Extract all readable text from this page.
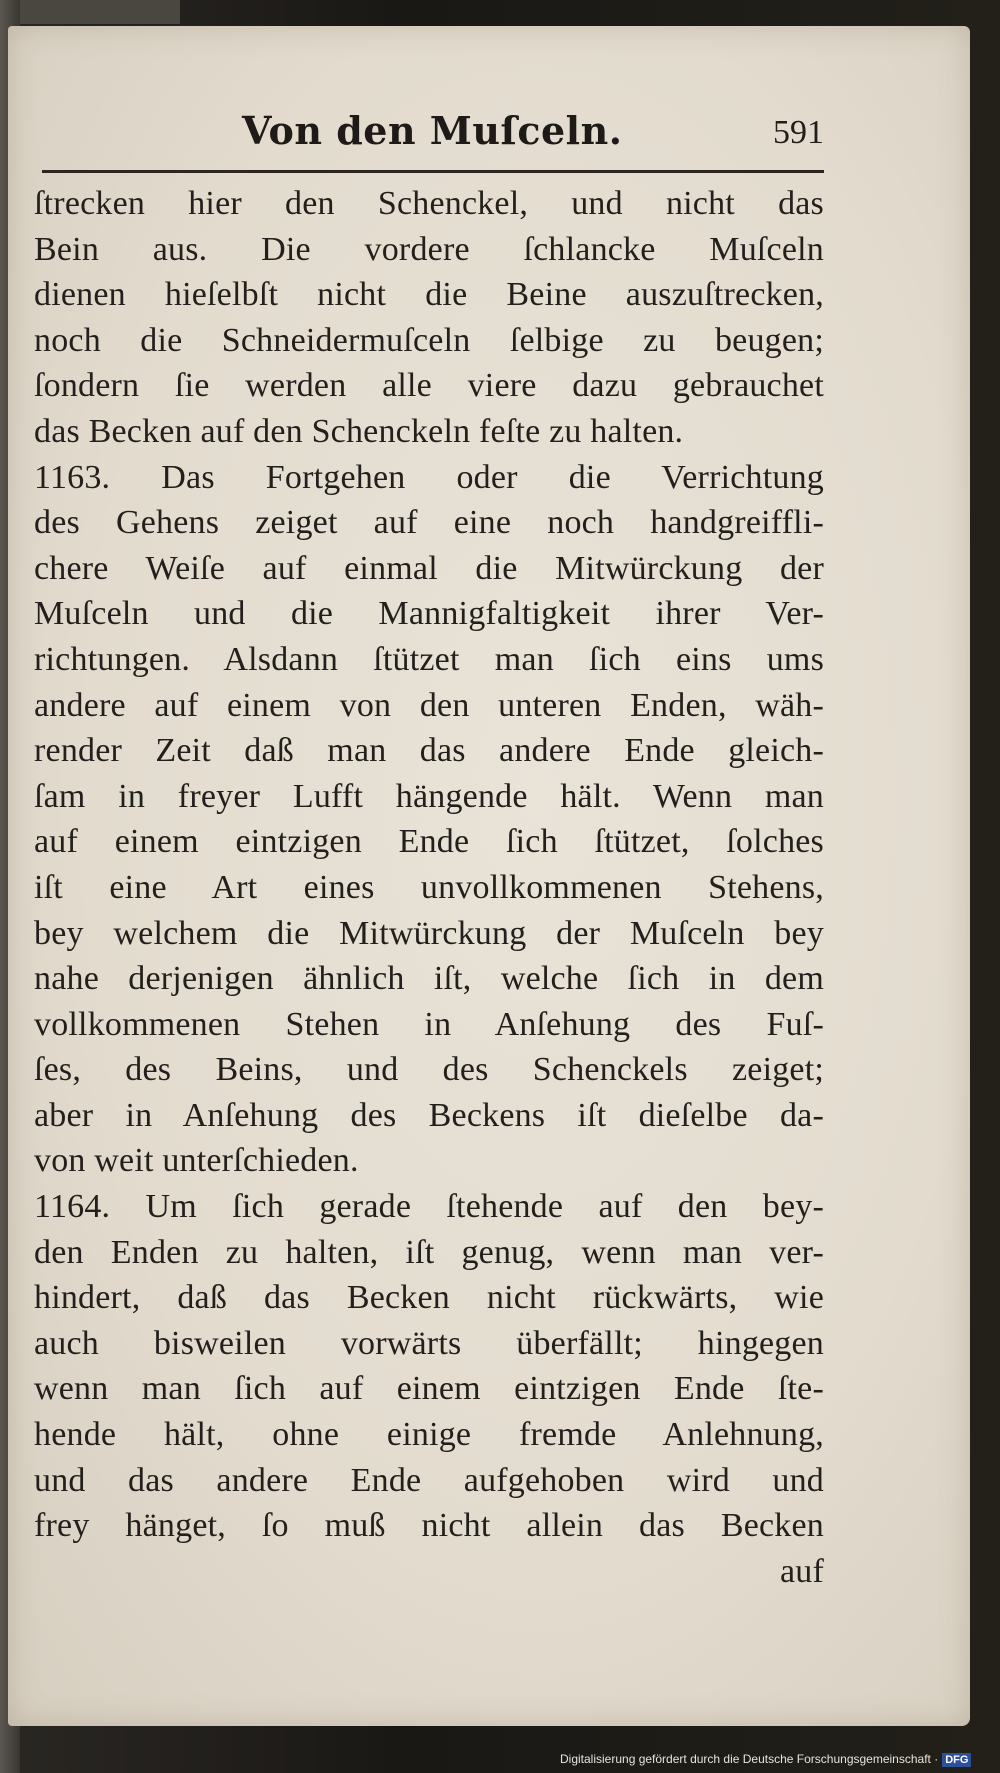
Von den Muſceln.	591
ſtrecken hier den Schenckel, und nicht das
Bein aus. Die vordere ſchlancke Muſceln
dienen hieſelbſt nicht die Beine auszuſtrecken,
noch die Schneidermuſceln ſelbige zu beugen;
ſondern ſie werden alle viere dazu gebrauchet
das Becken auf den Schenckeln feſte zu halten.
1163. Das Fortgehen oder die Verrichtung
des Gehens zeiget auf eine noch handgreiffli-
chere Weiſe auf einmal die Mitwürckung der
Muſceln und die Mannigfaltigkeit ihrer Ver-
richtungen. Alsdann ſtützet man ſich eins ums
andere auf einem von den unteren Enden, wäh-
render Zeit daß man das andere Ende gleich-
ſam in freyer Lufft hängende hält. Wenn man
auf einem eintzigen Ende ſich ſtützet, ſolches
iſt eine Art eines unvollkommenen Stehens,
bey welchem die Mitwürckung der Muſceln bey
nahe derjenigen ähnlich iſt, welche ſich in dem
vollkommenen Stehen in Anſehung des Fuſ-
ſes, des Beins, und des Schenckels zeiget;
aber in Anſehung des Beckens iſt dieſelbe da-
von weit unterſchieden.
1164. Um ſich gerade ſtehende auf den bey-
den Enden zu halten, iſt genug, wenn man ver-
hindert, daß das Becken nicht rückwärts, wie
auch bisweilen vorwärts überfällt; hingegen
wenn man ſich auf einem eintzigen Ende ſte-
hende hält, ohne einige fremde Anlehnung,
und das andere Ende aufgehoben wird und
frey hänget, ſo muß nicht allein das Becken
auf
Digitalisierung gefördert durch die Deutsche Forschungsgemeinschaft · DFG
